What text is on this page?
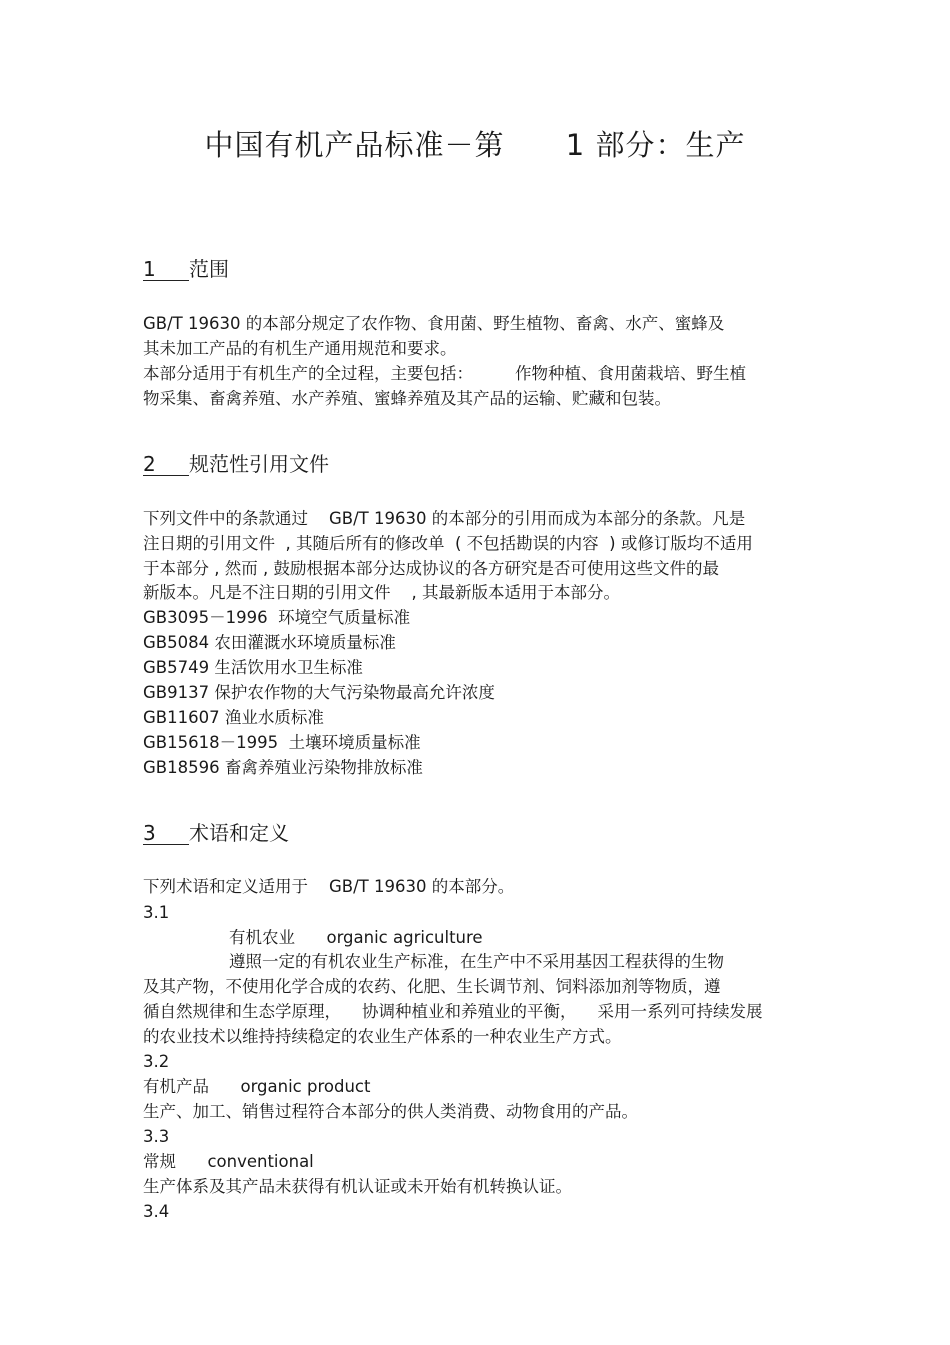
中国有机产品标准－第      1 部分：生产
1 范围
GB/T 19630 的本部分规定了农作物、食用菌、野生植物、畜禽、水产、蜜蜂及
其未加工产品的有机生产通用规范和要求。
本部分适用于有机生产的全过程，主要包括：        作物种植、食用菌栽培、野生植
物采集、畜禽养殖、水产养殖、蜜蜂养殖及其产品的运输、贮藏和包装。
2 规范性引用文件
下列文件中的条款通过    GB/T 19630 的本部分的引用而成为本部分的条款。凡是
注日期的引用文件  , 其随后所有的修改单  ( 不包括勘误的内容  ) 或修订版均不适用
于本部分 , 然而 , 鼓励根据本部分达成协议的各方研究是否可使用这些文件的最
新版本。凡是不注日期的引用文件    , 其最新版本适用于本部分。
GB3095－1996  环境空气质量标准
GB5084 农田灌溉水环境质量标准
GB5749 生活饮用水卫生标准
GB9137 保护农作物的大气污染物最高允许浓度
GB11607 渔业水质标准
GB15618－1995  土壤环境质量标准
GB18596 畜禽养殖业污染物排放标准
3 术语和定义
下列术语和定义适用于    GB/T 19630 的本部分。
3.1
有机农业      organic agriculture
遵照一定的有机农业生产标准，在生产中不采用基因工程获得的生物
及其产物，不使用化学合成的农药、化肥、生长调节剂、饲料添加剂等物质，遵
循自然规律和生态学原理，    协调种植业和养殖业的平衡，    采用一系列可持续发展
的农业技术以维持持续稳定的农业生产体系的一种农业生产方式。
3.2
有机产品      organic product
生产、加工、销售过程符合本部分的供人类消费、动物食用的产品。
3.3
常规      conventional
生产体系及其产品未获得有机认证或未开始有机转换认证。
3.4
